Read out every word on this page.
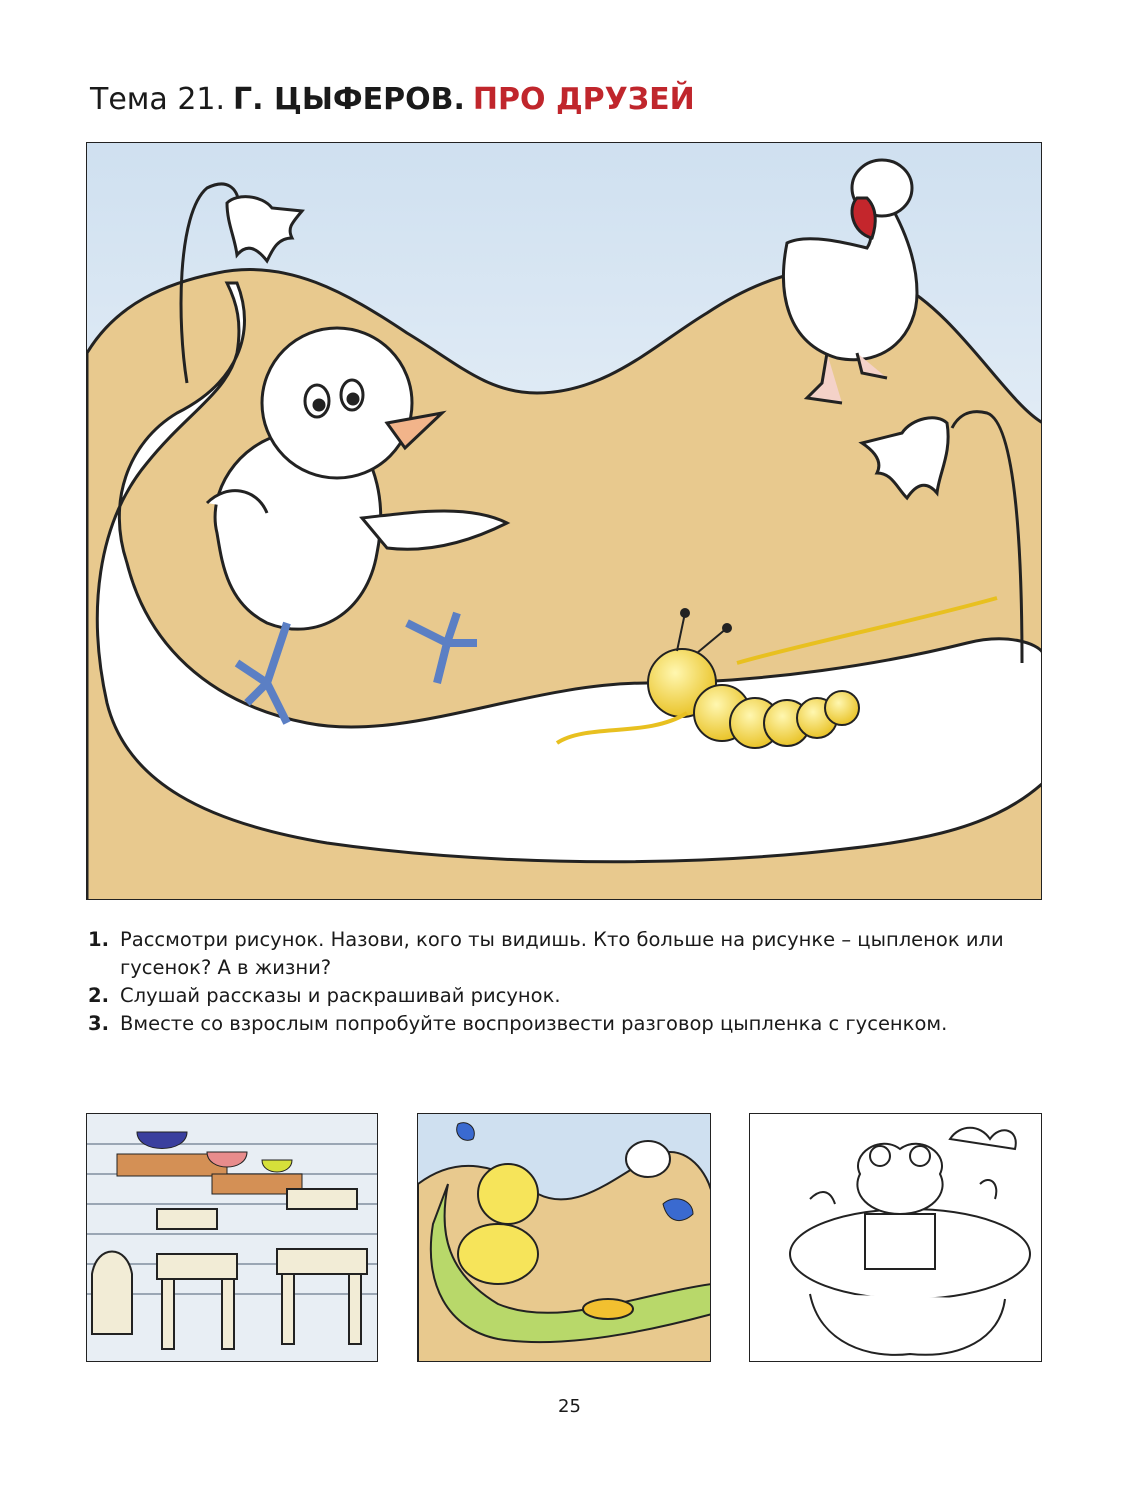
Тема 21. Г. ЦЫФЕРОВ. ПРО ДРУЗЕЙ
1. Рассмотри рисунок. Назови, кого ты видишь. Кто больше на рисунке – цыпленок или гусенок? А в жизни?
2. Слушай рассказы и раскрашивай рисунок.
3. Вместе со взрослым попробуйте воспроизвести разговор цыпленка с гусенком.
25
